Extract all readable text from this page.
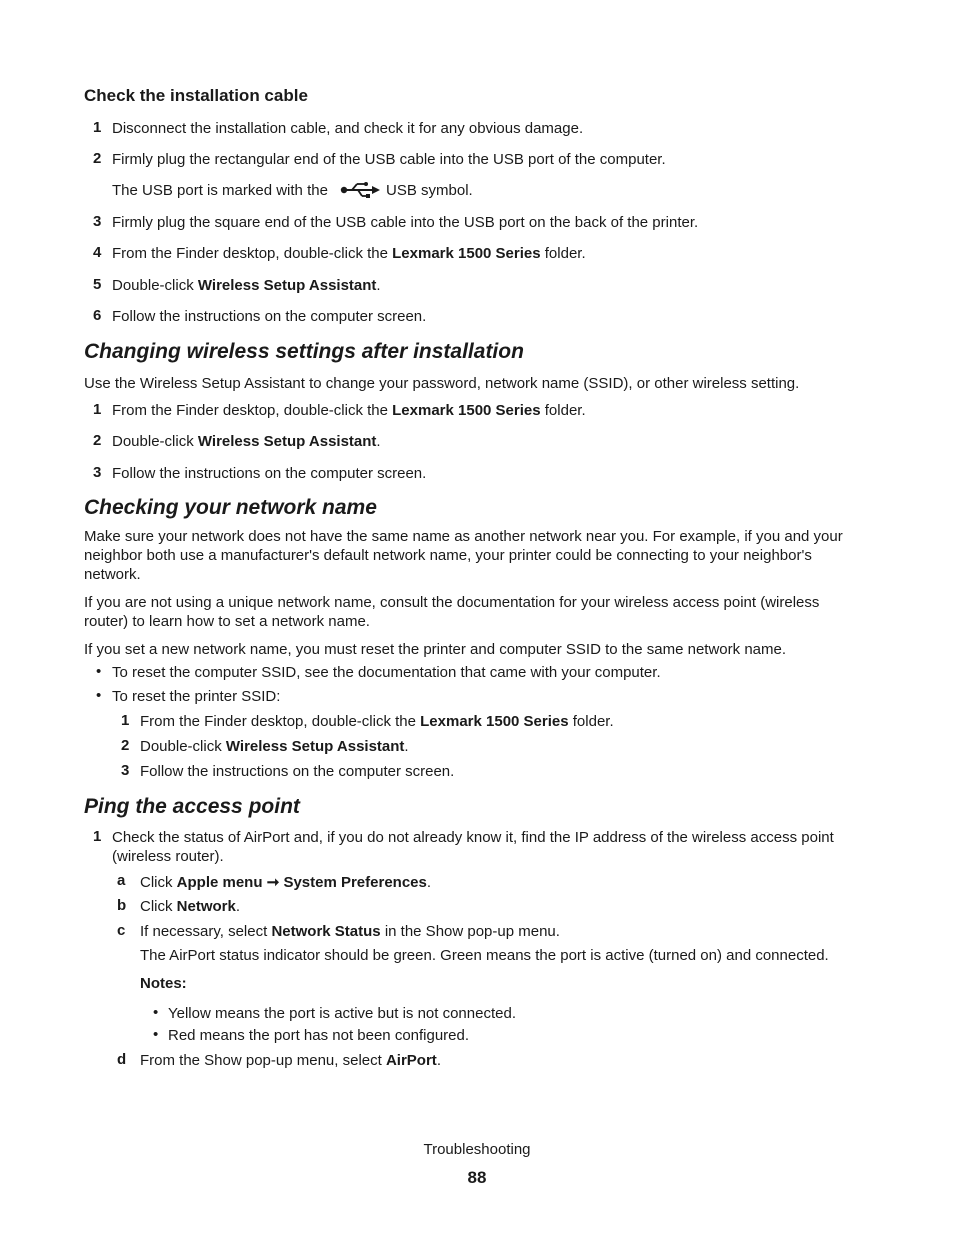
Check the installation cable
1 Disconnect the installation cable, and check it for any obvious damage.
2 Firmly plug the rectangular end of the USB cable into the USB port of the computer.
The USB port is marked with the	USB symbol.
3 Firmly plug the square end of the USB cable into the USB port on the back of the printer.
4 From the Finder desktop, double-click the Lexmark 1500 Series folder.
5 Double-click Wireless Setup Assistant.
6 Follow the instructions on the computer screen.
Changing wireless settings after installation
Use the Wireless Setup Assistant to change your password, network name (SSID), or other wireless setting.
1 From the Finder desktop, double-click the Lexmark 1500 Series folder.
2 Double-click Wireless Setup Assistant.
3 Follow the instructions on the computer screen.
Checking your network name
Make sure your network does not have the same name as another network near you. For example, if you and your
neighbor both use a manufacturer's default network name, your printer could be connecting to your neighbor's
network.
If you are not using a unique network name, consult the documentation for your wireless access point (wireless
router) to learn how to set a network name.
If you set a new network name, you must reset the printer and computer SSID to the same network name.
• To reset the computer SSID, see the documentation that came with your computer.
• To reset the printer SSID:
1 From the Finder desktop, double-click the Lexmark 1500 Series folder.
2 Double-click Wireless Setup Assistant.
3 Follow the instructions on the computer screen.
Ping the access point
1 Check the status of AirPort and, if you do not already know it, find the IP address of the wireless access point
(wireless router).
a Click Apple menu ➞ System Preferences.
b Click Network.
c If necessary, select Network Status in the Show pop-up menu.
The AirPort status indicator should be green. Green means the port is active (turned on) and connected.
Notes:
• Yellow means the port is active but is not connected.
• Red means the port has not been configured.
d From the Show pop-up menu, select AirPort.
Troubleshooting
88
